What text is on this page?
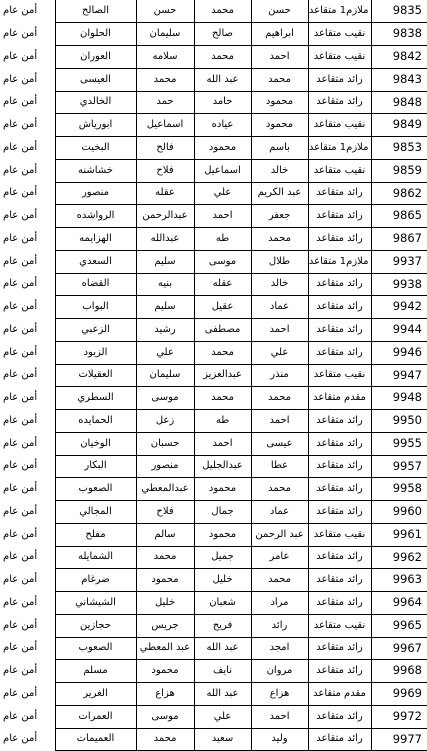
أمن عام	الصالح	حسن	محمد	حسن	ملازم1 متقاعد	9835
أمن عام	الحلوان	سليمان	صالح	ابراهيم	نقيب متقاعد	9838
أمن عام	العوران	سلامه	محمد	احمد	نقيب متقاعد	9842
أمن عام	العيسى	محمد	عبد الله	محمد	رائد متقاعد	9843
أمن عام	الخالدي	حمد	حامد	محمود	رائد متقاعد	9848
أمن عام	ابورياش	اسماعيل	عياده	محمود	نقيب متقاعد	9849
أمن عام	البخيت	فالح	محمود	باسم	ملازم1 متقاعد	9853
أمن عام	خشاشنه	فلاح	اسماعيل	خالد	نقيب متقاعد	9859
أمن عام	منصور	عقله	علي	عبد الكريم	رائد متقاعد	9862
أمن عام	الرواشده	عبدالرحمن	احمد	جعفر	رائد متقاعد	9865
أمن عام	الهزايمه	عبدالله	طه	محمد	رائد متقاعد	9867
أمن عام	السعدي	سليم	موسى	طلال	ملازم1 متقاعد	9937
أمن عام	القضاه	بنيه	عقله	خالد	رائد متقاعد	9938
أمن عام	البواب	سليم	عقيل	عماد	رائد متقاعد	9942
أمن عام	الزعبي	رشيد	مصطفى	احمد	رائد متقاعد	9944
أمن عام	الزيود	علي	محمد	علي	رائد متقاعد	9946
أمن عام	العقيلات	سليمان	عبدالعزيز	منذر	نقيب متقاعد	9947
أمن عام	السطري	موسى	محمد	محمد	مقدم متقاعد	9948
أمن عام	الحمايده	زعل	طه	احمد	رائد متقاعد	9950
أمن عام	الوخيان	حسبان	احمد	عيسى	رائد متقاعد	9955
أمن عام	البكار	منصور	عبدالجليل	عطا	رائد متقاعد	9957
أمن عام	الصعوب	عبدالمعطي	محمود	محمد	رائد متقاعد	9958
أمن عام	المجالي	فلاح	جمال	عماد	رائد متقاعد	9960
أمن عام	مفلح	سالم	محمود	عبد الرحمن	نقيب متقاعد	9961
أمن عام	الشمايله	محمد	جميل	عامر	رائد متقاعد	9962
أمن عام	ضرغام	محمود	خليل	محمد	رائد متقاعد	9963
أمن عام	الشيشاني	خليل	شعبان	مراد	رائد متقاعد	9964
أمن عام	حجازين	جريس	فريح	رائد	نقيب متقاعد	9965
أمن عام	الصعوب	عبد المعطي	عبد الله	امجد	رائد متقاعد	9967
أمن عام	مسلم	محمود	نايف	مروان	رائد متقاعد	9968
أمن عام	الغرير	هزاع	عبد الله	هزاع	مقدم متقاعد	9969
أمن عام	العمرات	موسى	علي	احمد	رائد متقاعد	9972
أمن عام	العميمات	محمد	سعيد	وليد	رائد متقاعد	9977
